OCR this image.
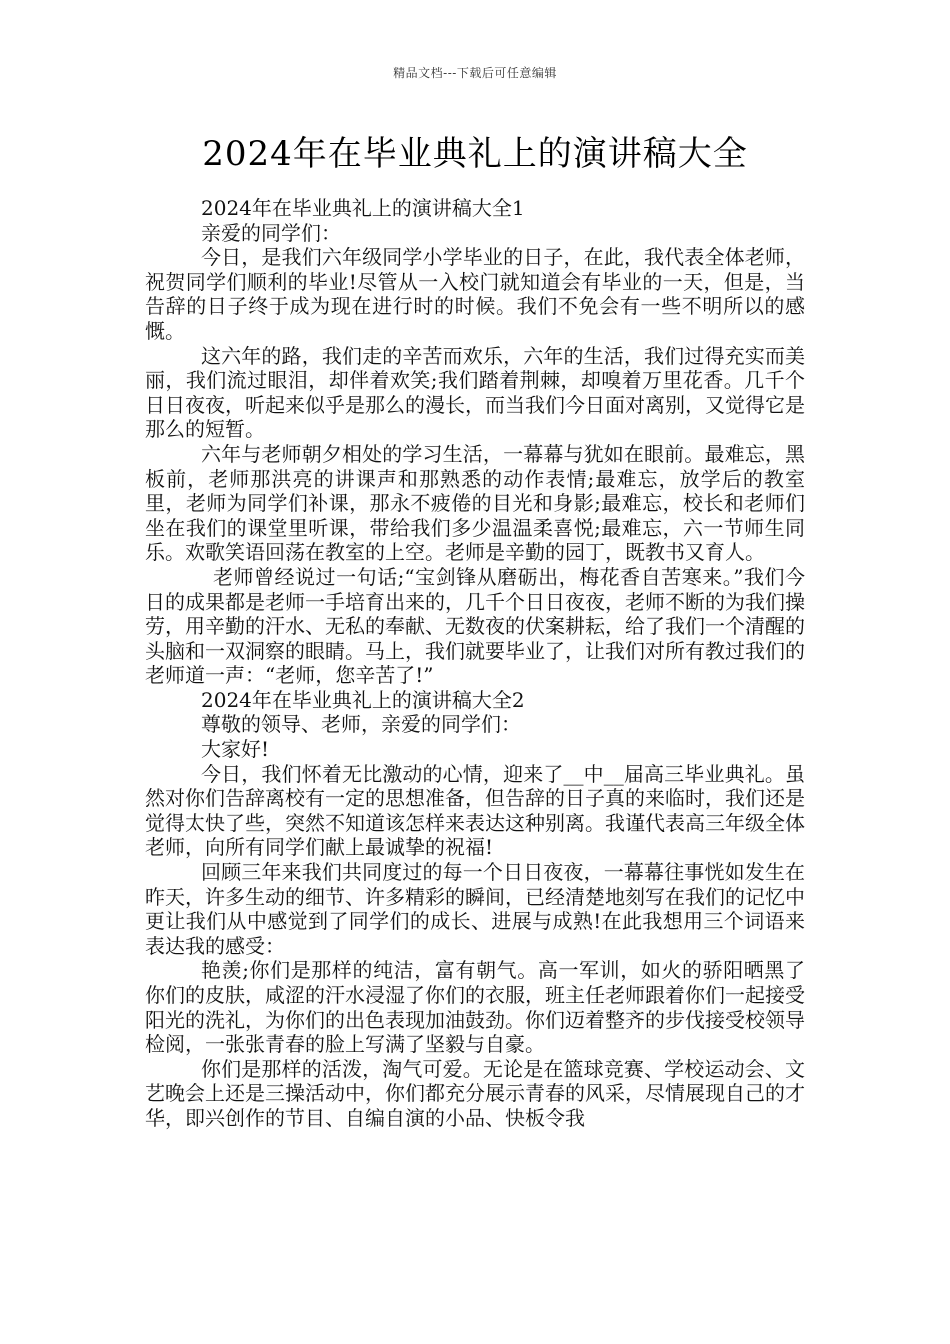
精品文档---下载后可任意编辑
2024年在毕业典礼上的演讲稿大全

2024年在毕业典礼上的演讲稿大全1

亲爱的同学们：

今日，是我们六年级同学小学毕业的日子，在此，我代表全体老师，祝贺同学们顺利的毕业!尽管从一入校门就知道会有毕业的一天，但是，当告辞的日子终于成为现在进行时的时候。我们不免会有一些不明所以的感慨。

这六年的路，我们走的辛苦而欢乐，六年的生活，我们过得充实而美丽，我们流过眼泪，却伴着欢笑;我们踏着荆棘，却嗅着万里花香。几千个日日夜夜，听起来似乎是那么的漫长，而当我们今日面对离别，又觉得它是那么的短暂。

六年与老师朝夕相处的学习生活，一幕幕与犹如在眼前。最难忘，黑板前，老师那洪亮的讲课声和那熟悉的动作表情;最难忘，放学后的教室里，老师为同学们补课，那永不疲倦的目光和身影;最难忘，校长和老师们坐在我们的课堂里听课，带给我们多少温温柔喜悦;最难忘，六一节师生同乐。欢歌笑语回荡在教室的上空。老师是辛勤的园丁，既教书又育人。

老师曾经说过一句话;“宝剑锋从磨砺出，梅花香自苦寒来。”我们今日的成果都是老师一手培育出来的，几千个日日夜夜，老师不断的为我们操劳，用辛勤的汗水、无私的奉献、无数夜的伏案耕耘，给了我们一个清醒的头脑和一双洞察的眼睛。马上，我们就要毕业了，让我们对所有教过我们的老师道一声：“老师，您辛苦了!”

2024年在毕业典礼上的演讲稿大全2

尊敬的领导、老师，亲爱的同学们：

大家好!

今日，我们怀着无比激动的心情，迎来了__中__届高三毕业典礼。虽然对你们告辞离校有一定的思想准备，但告辞的日子真的来临时，我们还是觉得太快了些，突然不知道该怎样来表达这种别离。我谨代表高三年级全体老师，向所有同学们献上最诚挚的祝福!

回顾三年来我们共同度过的每一个日日夜夜，一幕幕往事恍如发生在昨天，许多生动的细节、许多精彩的瞬间，已经清楚地刻写在我们的记忆中更让我们从中感觉到了同学们的成长、进展与成熟!在此我想用三个词语来表达我的感受：

艳羡;你们是那样的纯洁，富有朝气。高一军训，如火的骄阳晒黑了你们的皮肤，咸涩的汗水浸湿了你们的衣服，班主任老师跟着你们一起接受阳光的洗礼，为你们的出色表现加油鼓劲。你们迈着整齐的步伐接受校领导检阅，一张张青春的脸上写满了坚毅与自豪。

你们是那样的活泼，淘气可爱。无论是在篮球竞赛、学校运动会、文艺晚会上还是三操活动中，你们都充分展示青春的风采，尽情展现自己的才华，即兴创作的节目、自编自演的小品、快板令我
